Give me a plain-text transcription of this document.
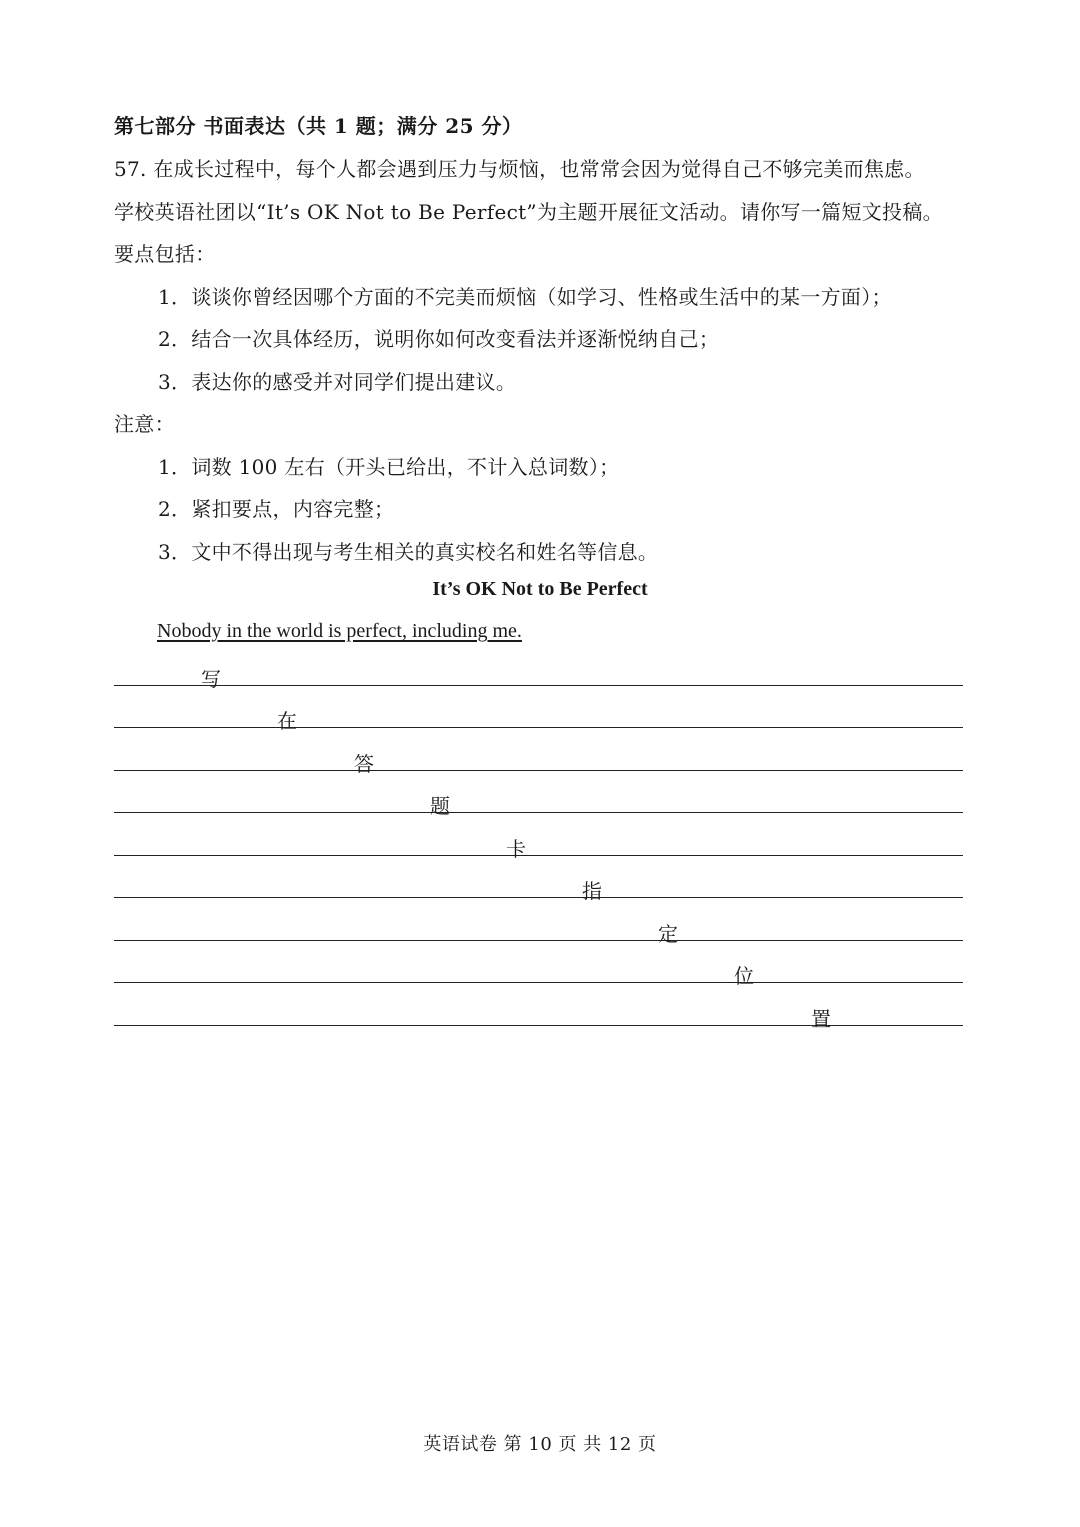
第七部分 书面表达（共 1 题；满分 25 分）
57. 在成长过程中，每个人都会遇到压力与烦恼，也常常会因为觉得自己不够完美而焦虑。
学校英语社团以“It’s OK Not to Be Perfect”为主题开展征文活动。请你写一篇短文投稿。
要点包括：
1．谈谈你曾经因哪个方面的不完美而烦恼（如学习、性格或生活中的某一方面）；
2．结合一次具体经历，说明你如何改变看法并逐渐悦纳自己；
3．表达你的感受并对同学们提出建议。
注意：
1．词数 100 左右（开头已给出，不计入总词数）；
2．紧扣要点，内容完整；
3．文中不得出现与考生相关的真实校名和姓名等信息。
It’s OK Not to Be Perfect
Nobody in the world is perfect, including me.
写
在
答
题
卡
指
定
位
置
英语试卷 第 10 页 共 12 页
